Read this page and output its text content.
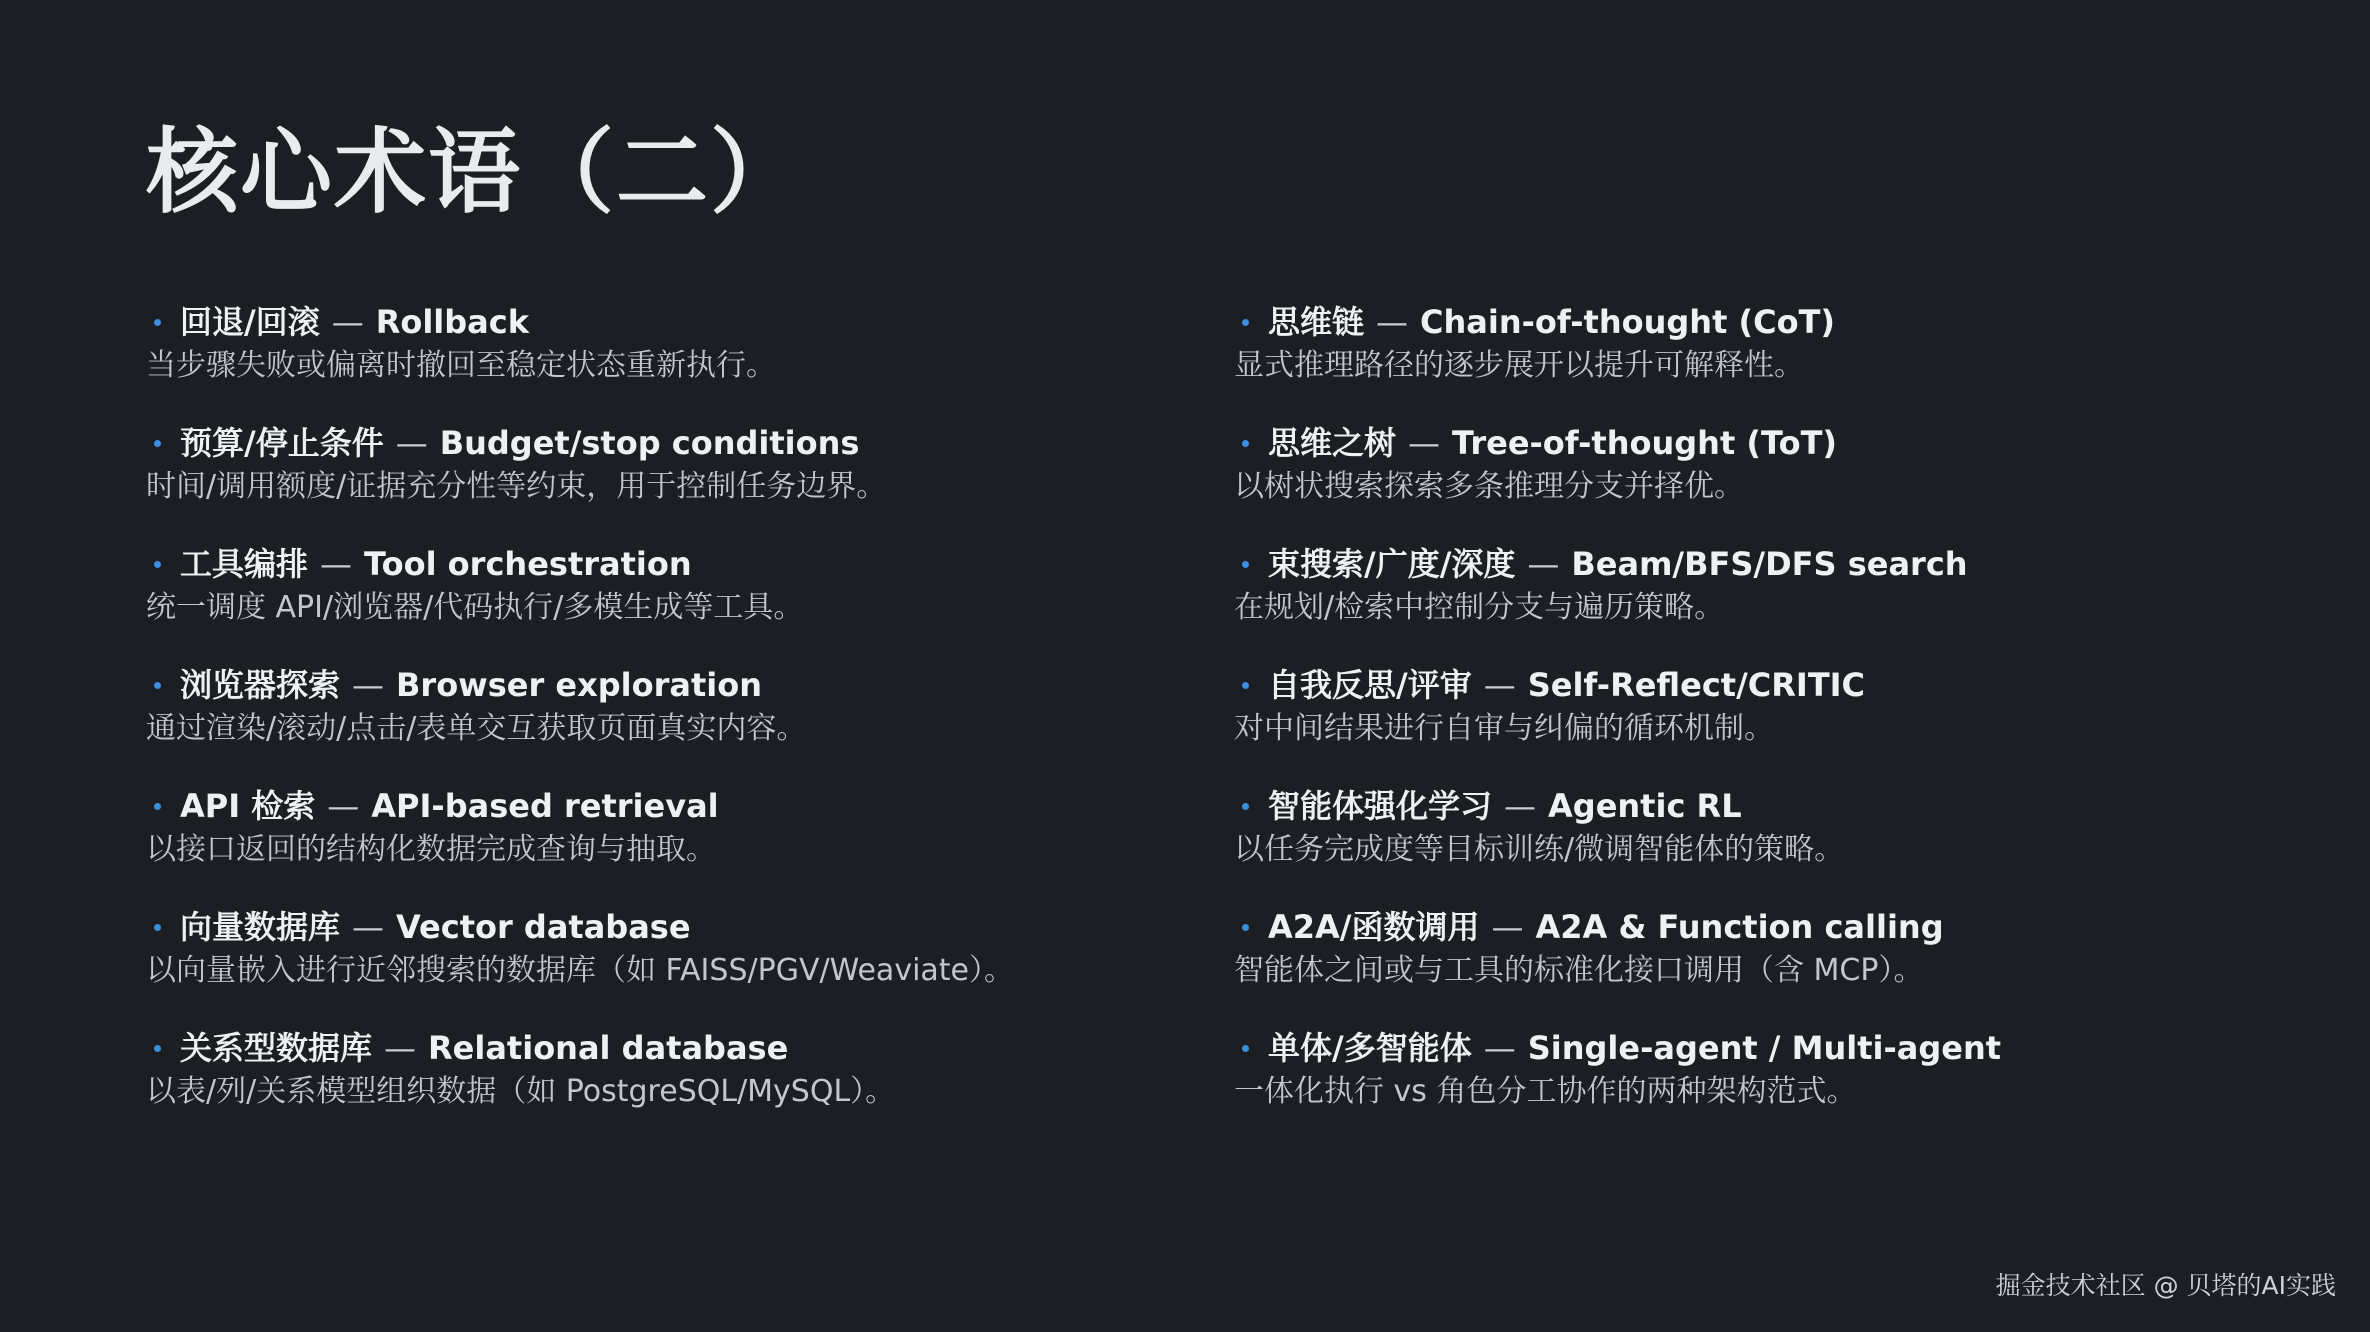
核心术语（二）
回退/回滚 — Rollback
当步骤失败或偏离时撤回至稳定状态重新执行。
预算/停止条件 — Budget/stop conditions
时间/调用额度/证据充分性等约束，用于控制任务边界。
工具编排 — Tool orchestration
统一调度 API/浏览器/代码执行/多模生成等工具。
浏览器探索 — Browser exploration
通过渲染/滚动/点击/表单交互获取页面真实内容。
API 检索 — API-based retrieval
以接口返回的结构化数据完成查询与抽取。
向量数据库 — Vector database
以向量嵌入进行近邻搜索的数据库（如 FAISS/PGV/Weaviate）。
关系型数据库 — Relational database
以表/列/关系模型组织数据（如 PostgreSQL/MySQL）。
思维链 — Chain-of-thought (CoT)
显式推理路径的逐步展开以提升可解释性。
思维之树 — Tree-of-thought (ToT)
以树状搜索探索多条推理分支并择优。
束搜索/广度/深度 — Beam/BFS/DFS search
在规划/检索中控制分支与遍历策略。
自我反思/评审 — Self-Reflect/CRITIC
对中间结果进行自审与纠偏的循环机制。
智能体强化学习 — Agentic RL
以任务完成度等目标训练/微调智能体的策略。
A2A/函数调用 — A2A & Function calling
智能体之间或与工具的标准化接口调用（含 MCP）。
单体/多智能体 — Single-agent / Multi-agent
一体化执行 vs 角色分工协作的两种架构范式。
掘金技术社区 @ 贝塔的AI实践
